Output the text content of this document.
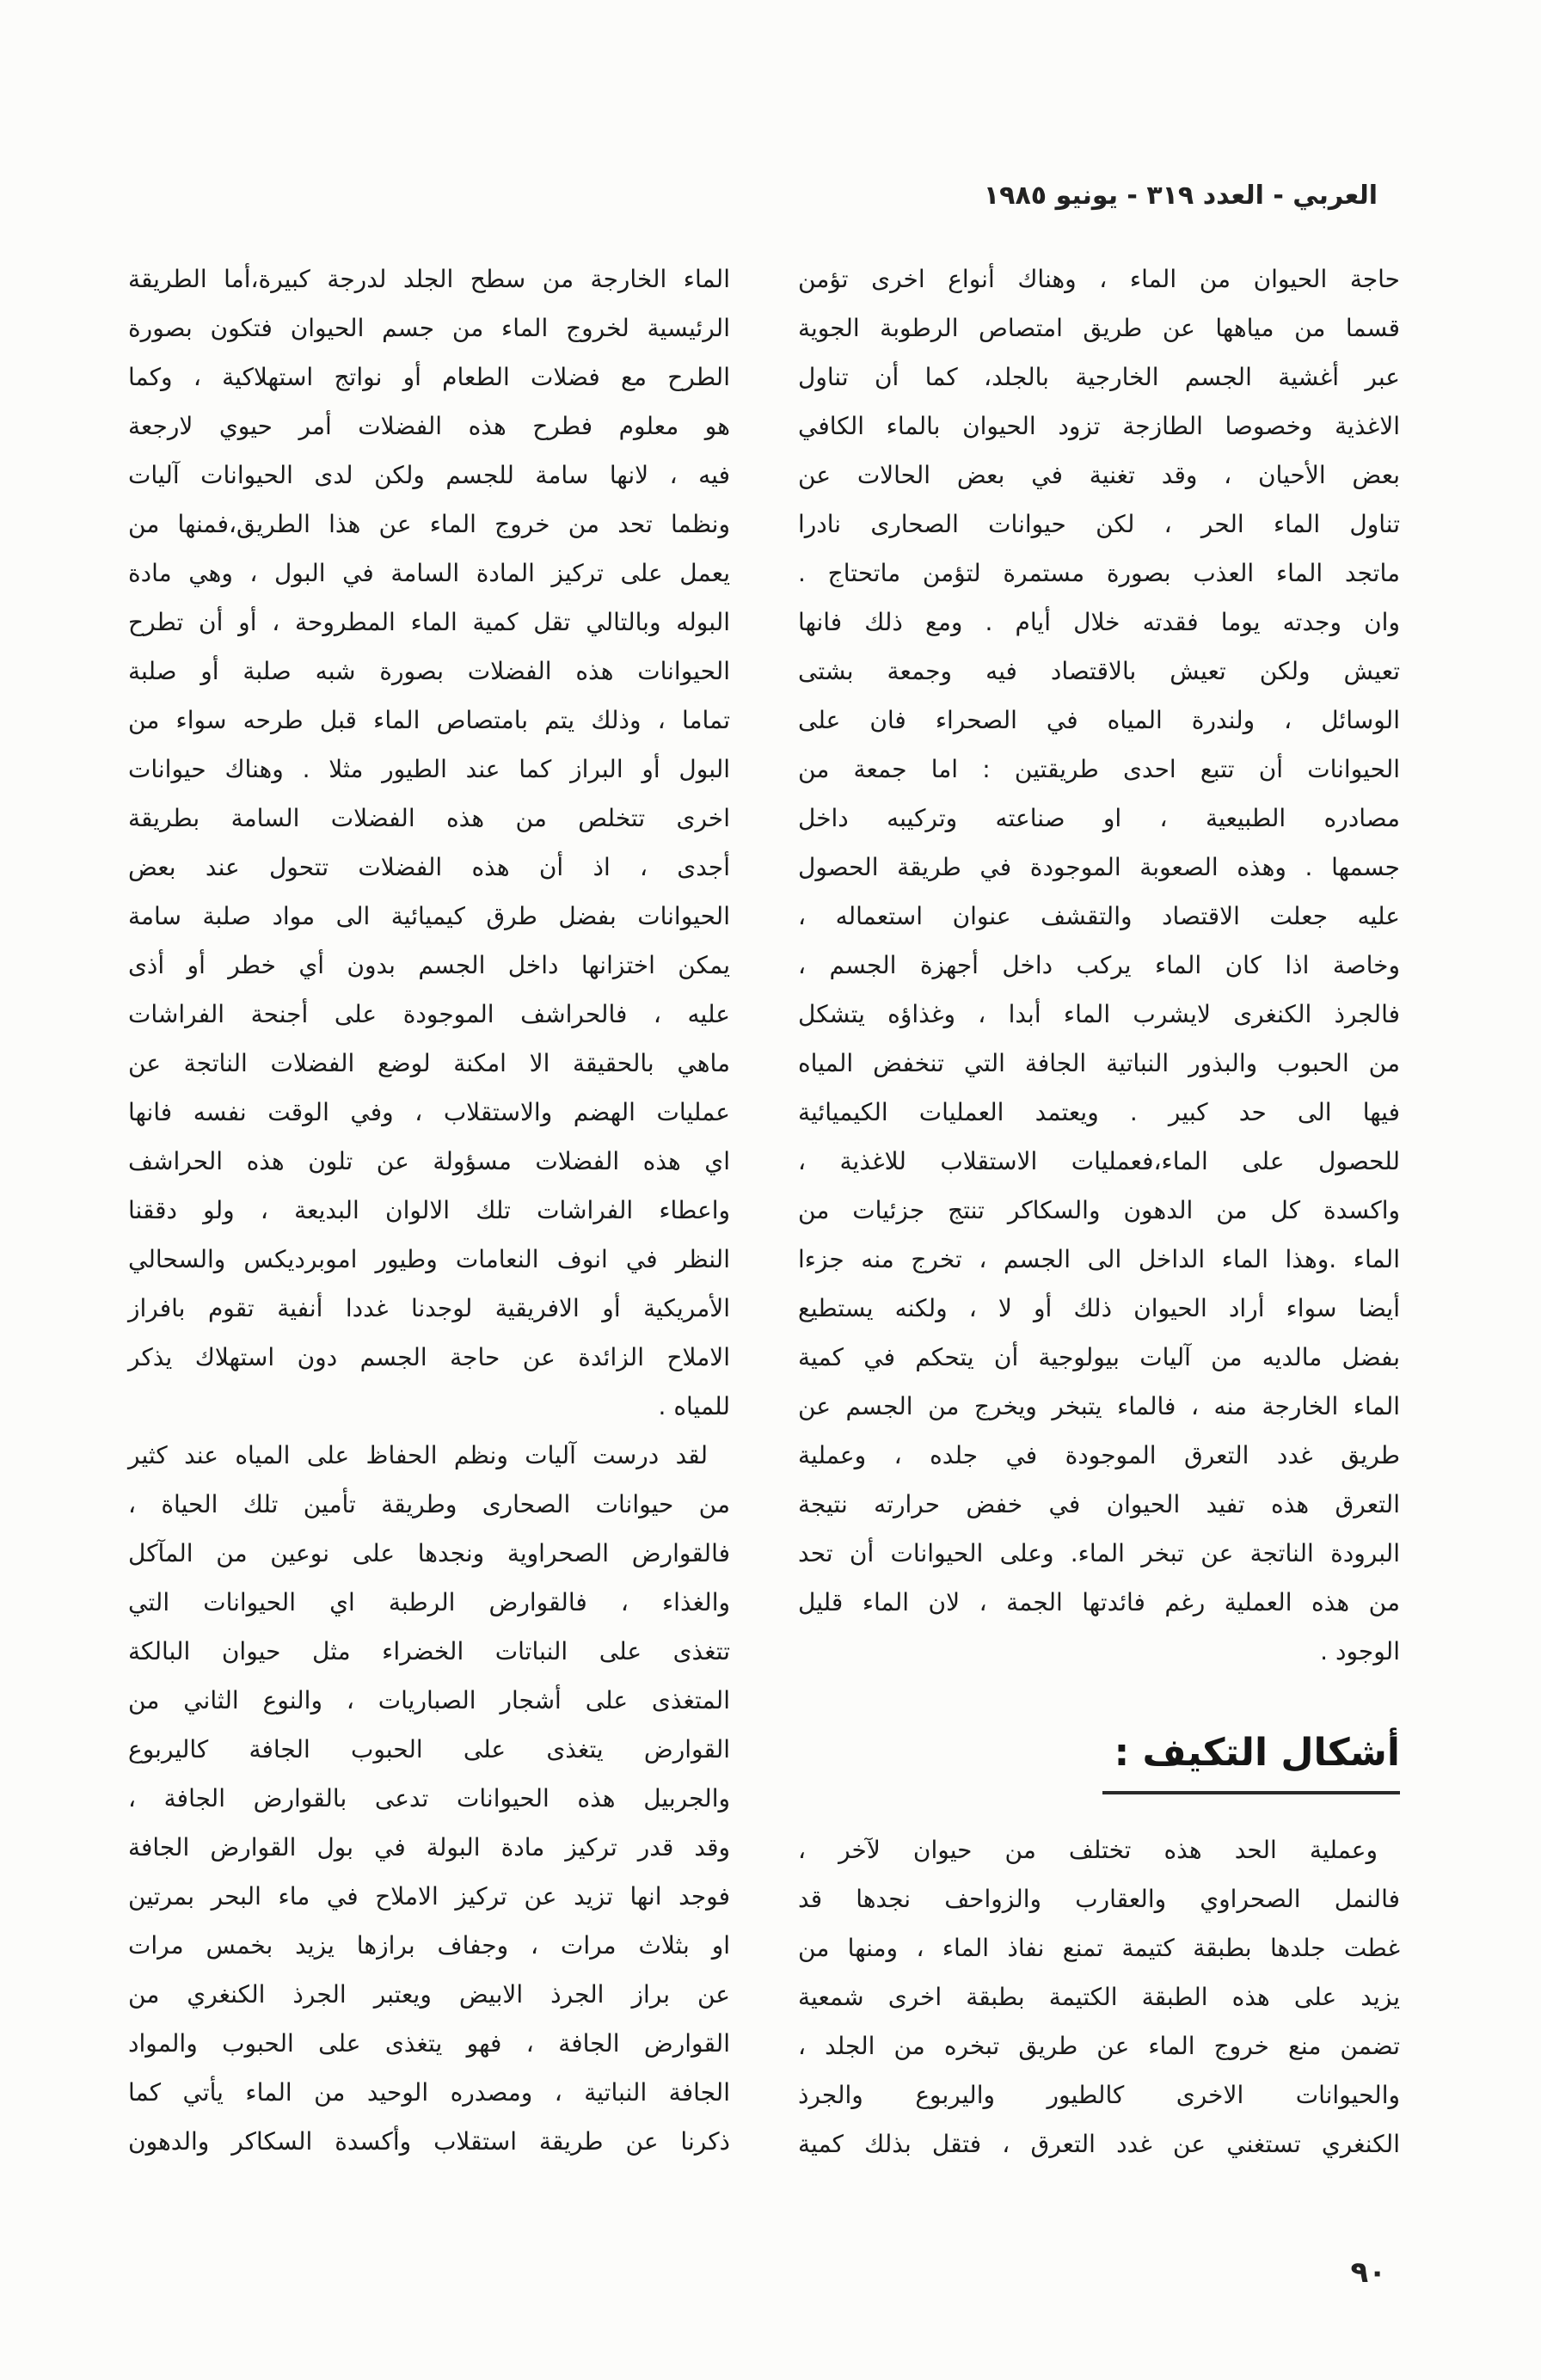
العربي - العدد ٣١٩ - يونيو ١٩٨٥

حاجة الحيوان من الماء ، وهناك أنواع اخرى تؤمن
قسما من مياهها عن طريق امتصاص الرطوبة الجوية
عبر أغشية الجسم الخارجية بالجلد، كما أن تناول
الاغذية وخصوصا الطازجة تزود الحيوان بالماء الكافي
بعض الأحيان ، وقد تغنية في بعض الحالات عن
تناول الماء الحر ، لكن حيوانات الصحارى نادرا
ماتجد الماء العذب بصورة مستمرة لتؤمن ماتحتاج .
وان وجدته يوما فقدته خلال أيام . ومع ذلك فانها
تعيش ولكن تعيش بالاقتصاد فيه وجمعة بشتى
الوسائل ، ولندرة المياه في الصحراء فان على
الحيوانات أن تتبع احدى طريقتين : اما جمعة من
مصادره الطبيعية ، او صناعته وتركيبه داخل
جسمها . وهذه الصعوبة الموجودة في طريقة الحصول
عليه جعلت الاقتصاد والتقشف عنوان استعماله ،
وخاصة اذا كان الماء يركب داخل أجهزة الجسم ،
فالجرذ الكنغرى لايشرب الماء أبدا ، وغذاؤه يتشكل
من الحبوب والبذور النباتية الجافة التي تنخفض المياه
فيها الى حد كبير . ويعتمد العمليات الكيميائية
للحصول على الماء،فعمليات الاستقلاب للاغذية ،
واكسدة كل من الدهون والسكاكر تنتج جزئيات من
الماء .وهذا الماء الداخل الى الجسم ، تخرج منه جزءا
أيضا سواء أراد الحيوان ذلك أو لا ، ولكنه يستطيع
بفضل مالديه من آليات بيولوجية أن يتحكم في كمية
الماء الخارجة منه ، فالماء يتبخر ويخرج من الجسم عن
طريق غدد التعرق الموجودة في جلده ، وعملية
التعرق هذه تفيد الحيوان في خفض حرارته نتيجة
البرودة الناتجة عن تبخر الماء. وعلى الحيوانات أن تحد
من هذه العملية رغم فائدتها الجمة ، لان الماء قليل
الوجود .
أشكال التكيف :
وعملية الحد هذه تختلف من حيوان لآخر ،
فالنمل الصحراوي والعقارب والزواحف نجدها قد
غطت جلدها بطبقة كتيمة تمنع نفاذ الماء ، ومنها من
يزيد على هذه الطبقة الكتيمة بطبقة اخرى شمعية
تضمن منع خروج الماء عن طريق تبخره من الجلد ،
والحيوانات الاخرى كالطيور واليربوع والجرذ
الكنغري تستغني عن غدد التعرق ، فتقل بذلك كمية
الماء الخارجة من سطح الجلد لدرجة كبيرة،أما الطريقة
الرئيسية لخروج الماء من جسم الحيوان فتكون بصورة
الطرح مع فضلات الطعام أو نواتج استهلاكية ، وكما
هو معلوم فطرح هذه الفضلات أمر حيوي لارجعة
فيه ، لانها سامة للجسم ولكن لدى الحيوانات آليات
ونظما تحد من خروج الماء عن هذا الطريق،فمنها من
يعمل على تركيز المادة السامة في البول ، وهي مادة
البوله وبالتالي تقل كمية الماء المطروحة ، أو أن تطرح
الحيوانات هذه الفضلات بصورة شبه صلبة أو صلبة
تماما ، وذلك يتم بامتصاص الماء قبل طرحه سواء من
البول أو البراز كما عند الطيور مثلا . وهناك حيوانات
اخرى تتخلص من هذه الفضلات السامة بطريقة
أجدى ، اذ أن هذه الفضلات تتحول عند بعض
الحيوانات بفضل طرق كيميائية الى مواد صلبة سامة
يمكن اختزانها داخل الجسم بدون أي خطر أو أذى
عليه ، فالحراشف الموجودة على أجنحة الفراشات
ماهي بالحقيقة الا امكنة لوضع الفضلات الناتجة عن
عمليات الهضم والاستقلاب ، وفي الوقت نفسه فانها
اي هذه الفضلات مسؤولة عن تلون هذه الحراشف
واعطاء الفراشات تلك الالوان البديعة ، ولو دققنا
النظر في انوف النعامات وطيور اموبرديكس والسحالي
الأمريكية أو الافريقية لوجدنا غددا أنفية تقوم بافراز
الاملاح الزائدة عن حاجة الجسم دون استهلاك يذكر
للمياه .
لقد درست آليات ونظم الحفاظ على المياه عند كثير
من حيوانات الصحارى وطريقة تأمين تلك الحياة ،
فالقوارض الصحراوية ونجدها على نوعين من المآكل
والغذاء ، فالقوارض الرطبة اي الحيوانات التي
تتغذى على النباتات الخضراء مثل حيوان البالكة
المتغذى على أشجار الصباريات ، والنوع الثاني من
القوارض يتغذى على الحبوب الجافة كاليربوع
والجربيل هذه الحيوانات تدعى بالقوارض الجافة ،
وقد قدر تركيز مادة البولة في بول القوارض الجافة
فوجد انها تزيد عن تركيز الاملاح في ماء البحر بمرتين
او بثلاث مرات ، وجفاف برازها يزيد بخمس مرات
عن براز الجرذ الابيض ويعتبر الجرذ الكنغري من
القوارض الجافة ، فهو يتغذى على الحبوب والمواد
الجافة النباتية ، ومصدره الوحيد من الماء يأتي كما
ذكرنا عن طريقة استقلاب وأكسدة السكاكر والدهون

٩٠
